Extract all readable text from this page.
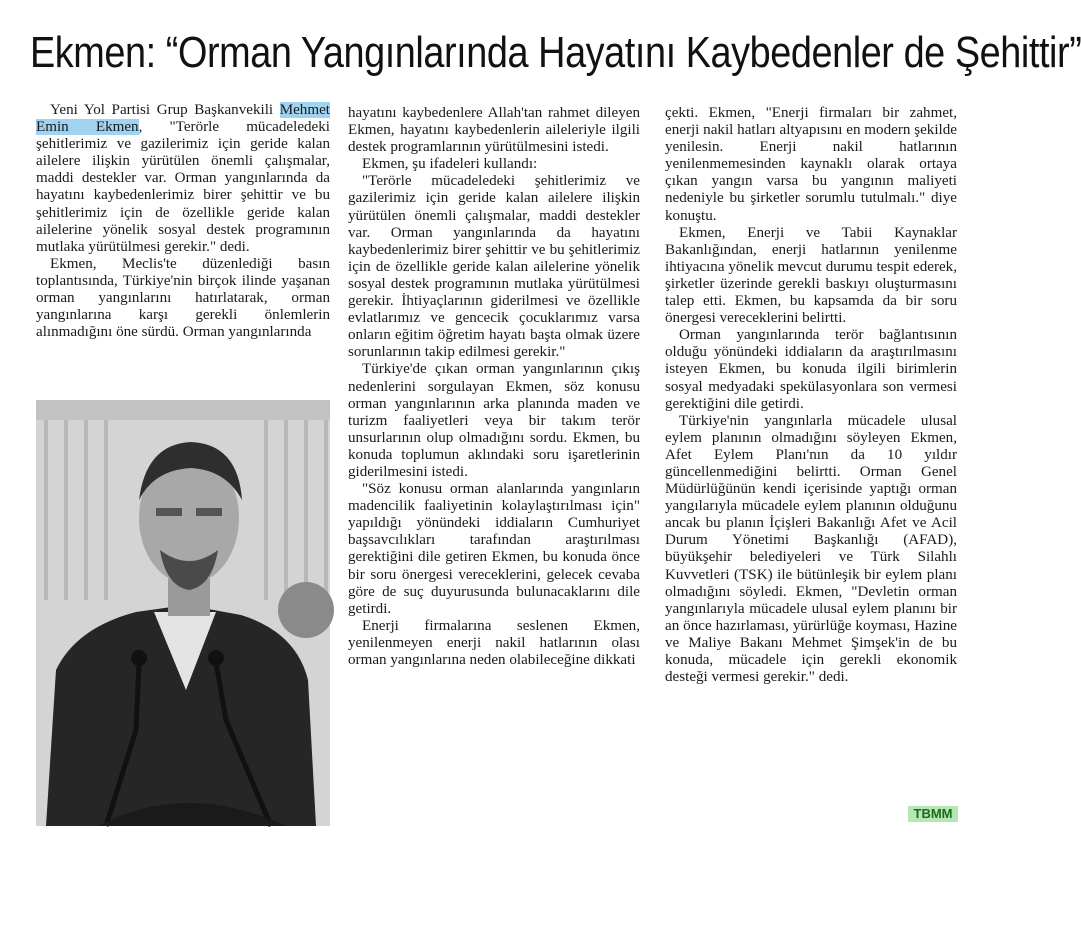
Ekmen: “Orman Yangınlarında Hayatını Kaybedenler de Şehittir”

Yeni Yol Partisi Grup Başkanvekili Mehmet Emin Ekmen, "Terörle mücadeledeki şehitlerimiz ve gazilerimiz için geride kalan ailelere ilişkin yürütülen önemli çalışmalar, maddi destekler var. Orman yangınlarında da hayatını kaybedenlerimiz birer şehittir ve bu şehitlerimiz için de özellikle geride kalan ailelerine yönelik sosyal destek programının mutlaka yürütülmesi gerekir." dedi.

Ekmen, Meclis'te düzenlediği basın toplantısında, Türkiye'nin birçok ilinde yaşanan orman yangınlarını hatırlatarak, orman yangınlarına karşı gerekli önlemlerin alınmadığını öne sürdü. Orman yangınlarında

hayatını kaybedenlere Allah'tan rahmet dileyen Ekmen, hayatını kaybedenlerin aileleriyle ilgili destek programlarının yürütülmesini istedi.

Ekmen, şu ifadeleri kullandı:

"Terörle mücadeledeki şehitlerimiz ve gazilerimiz için geride kalan ailelere ilişkin yürütülen önemli çalışmalar, maddi destekler var. Orman yangınlarında da hayatını kaybedenlerimiz birer şehittir ve bu şehitlerimiz için de özellikle geride kalan ailelerine yönelik sosyal destek programının mutlaka yürütülmesi gerekir. İhtiyaçlarının giderilmesi ve özellikle evlatlarımız ve gencecik çocuklarımız varsa onların eğitim öğretim hayatı başta olmak üzere sorunlarının takip edilmesi gerekir."

Türkiye'de çıkan orman yangınlarının çıkış nedenlerini sorgulayan Ekmen, söz konusu orman yangınlarının arka planında maden ve turizm faaliyetleri veya bir takım terör unsurlarının olup olmadığını sordu. Ekmen, bu konuda toplumun aklındaki soru işaretlerinin giderilmesini istedi.

"Söz konusu orman alanlarında yangınların madencilik faaliyetinin kolaylaştırılması için" yapıldığı yönündeki iddiaların Cumhuriyet başsavcılıkları tarafından araştırılması gerektiğini dile getiren Ekmen, bu konuda önce bir soru önergesi vereceklerini, gelecek cevaba göre de suç duyurusunda bulunacaklarını dile getirdi.

Enerji firmalarına seslenen Ekmen, yenilenmeyen enerji nakil hatlarının olası orman yangınlarına neden olabileceğine dikkati

çekti. Ekmen, "Enerji firmaları bir zahmet, enerji nakil hatları altyapısını en modern şekilde yenilesin. Enerji nakil hatlarının yenilenmemesinden kaynaklı olarak ortaya çıkan yangın varsa bu yangının maliyeti nedeniyle bu şirketler sorumlu tutulmalı." diye konuştu.

Ekmen, Enerji ve Tabii Kaynaklar Bakanlığından, enerji hatlarının yenilenme ihtiyacına yönelik mevcut durumu tespit ederek, şirketler üzerinde gerekli baskıyı oluşturmasını talep etti. Ekmen, bu kapsamda da bir soru önergesi vereceklerini belirtti.

Orman yangınlarında terör bağlantısının olduğu yönündeki iddiaların da araştırılmasını isteyen Ekmen, bu konuda ilgili birimlerin sosyal medyadaki spekülasyonlara son vermesi gerektiğini dile getirdi.

Türkiye'nin yangınlarla mücadele ulusal eylem planının olmadığını söyleyen Ekmen, Afet Eylem Planı'nın da 10 yıldır güncellenmediğini belirtti. Orman Genel Müdürlüğünün kendi içerisinde yaptığı orman yangılarıyla mücadele eylem planının olduğunu ancak bu planın İçişleri Bakanlığı Afet ve Acil Durum Yönetimi Başkanlığı (AFAD), büyükşehir belediyeleri ve Türk Silahlı Kuvvetleri (TSK) ile bütünleşik bir eylem planı olmadığını söyledi. Ekmen, "Devletin orman yangınlarıyla mücadele ulusal eylem planını bir an önce hazırlaması, yürürlüğe koyması, Hazine ve Maliye Bakanı Mehmet Şimşek'in de bu konuda, mücadele için gerekli ekonomik desteği vermesi gerekir." dedi.

TBMM
